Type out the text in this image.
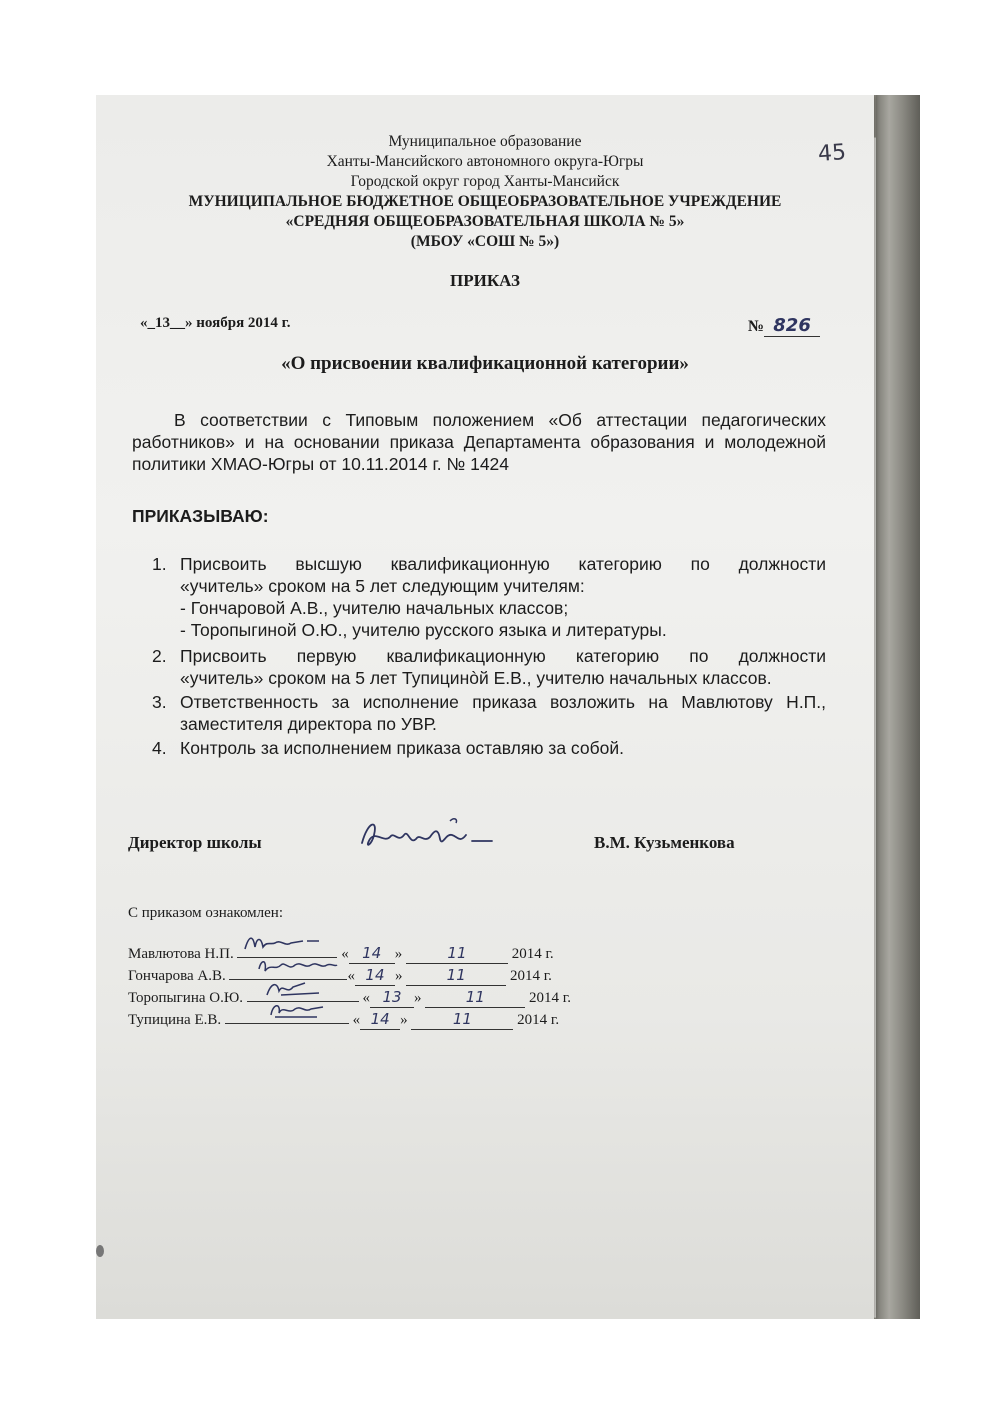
45
Муниципальное образование
Ханты-Мансийского автономного округа-Югры
Городской округ город Ханты-Мансийск
МУНИЦИПАЛЬНОЕ БЮДЖЕТНОЕ ОБЩЕОБРАЗОВАТЕЛЬНОЕ УЧРЕЖДЕНИЕ
«СРЕДНЯЯ ОБЩЕОБРАЗОВАТЕЛЬНАЯ ШКОЛА № 5»
(МБОУ «СОШ № 5»)
ПРИКАЗ
«_13__» ноября 2014 г.	№ 826
«О присвоении квалификационной категории»
В соответствии с Типовым положением «Об аттестации педагогических
работников» и на основании приказа Департамента образования и молодежной
политики ХМАО-Югры от 10.11.2014 г. № 1424
ПРИКАЗЫВАЮ:
1. Присвоить высшую квалификационную категорию по должности
«учитель» сроком на 5 лет следующим учителям:
- Гончаровой А.В., учителю начальных классов;
- Торопыгиной О.Ю., учителю русского языка и литературы.
2. Присвоить первую квалификационную категорию по должности
«учитель» сроком на 5 лет Тупицинòй Е.В., учителю начальных классов.
3. Ответственность за исполнение приказа возложить на Мавлютову Н.П.,
заместителя директора по УВР.
4. Контроль за исполнением приказа оставляю за собой.
Директор школы	В.М. Кузьменкова
С приказом ознакомлен:
Мавлютова Н.П.	« 14 »	11	2014 г.
Гончарова А.В.	« 14 »	11	2014 г.
Торопыгина О.Ю.	« 13 »	11	2014 г.
Тупицина Е.В.	« 14 »	11	2014 г.
